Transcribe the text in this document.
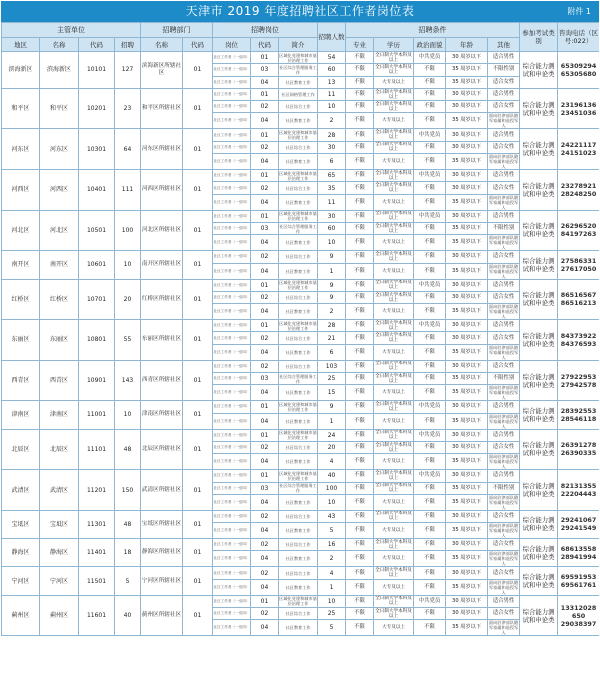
天津市 2019 年度招聘社区工作者岗位表	附件 1
主管单位				招聘部门		招聘岗位			招聘人数	招聘条件					参加考试类别	咨询电话（区号:022）
地区	名称	代码	招聘	名称	代码	岗位	代码	简介		专业	学历	政治面貌	年龄	其他		
滨海新区	滨海新区	10101	127	滨海新区所辖社区	01	社区工作者（一至四）	01	区域化党建和城市基层治理工作	54	不限	全日制大学本科及以上	中共党员	30 周岁以下	适合男性	综合能力测试和申论类	65309294 65305680
						社区工作者（一至四）	03	社区综合管理服务工作	60	不限	全日制大学本科及以上	不限	35 周岁以下	不限性别		
						社区工作者（一至四）	04	社区教育工作	13	不限	大专及以上	不限	35 周岁以下	适合女性		
和平区	和平区	10201	23	和平区所辖社区	01	社区工作者（一至四）	01	社区网格管理工作	11	不限	全日制大学本科及以上	不限	30 周岁以下	适合男性	综合能力测试和申论类	23196136 23451036
						社区工作者（一至四）	02	社区综合工作	10	不限	全日制大学本科及以上	不限	30 周岁以下	适合女性		
						社区工作者（一至四）	04	社区教育工作	2	不限	大专及以上	不限	35 周岁以下	面向驻津部队随军家属和退役军人		
河东区	河东区	10301	64	河东区所辖社区	01	社区工作者（一至四）	01	区域化党建和城市基层治理工作	28	不限	全日制大学本科及以上	中共党员	30 周岁以下	适合男性	综合能力测试和申论类	24221117 24151023
						社区工作者（一至四）	02	社区综合工作	30	不限	全日制大学本科及以上	不限	30 周岁以下	适合女性		
						社区工作者（一至四）	04	社区教育工作	6	不限	大专及以上	不限	35 周岁以下	面向驻津部队随军家属和退役军人		
河西区	河西区	10401	111	河西区所辖社区	01	社区工作者（一至四）	01	区域化党建和城市基层治理工作	65	不限	全日制大学本科及以上	中共党员	30 周岁以下	适合男性	综合能力测试和申论类	23278921 28248250
						社区工作者（一至四）	02	社区综合工作	35	不限	全日制大学本科及以上	不限	30 周岁以下	适合女性		
						社区工作者（一至四）	04	社区教育工作	11	不限	大专及以上	不限	35 周岁以下	面向驻津部队随军家属和退役军人		
河北区	河北区	10501	100	河北区所辖社区	01	社区工作者（一至四）	01	区域化党建和城市基层治理工作	30	不限	全日制大学本科及以上	中共党员	30 周岁以下	适合男性	综合能力测试和申论类	26296520 84197263
						社区工作者（一至四）	03	社区综合管理服务工作	60	不限	全日制大学本科及以上	不限	35 周岁以下	不限性别		
						社区工作者（一至四）	04	社区教育工作	10	不限	大专及以上	不限	35 周岁以下	面向驻津部队随军家属和退役军人		
南开区	南开区	10601	10	南开区所辖社区	01	社区工作者（一至四）	02	社区综合工作	9	不限	全日制大学本科及以上	不限	30 周岁以下	适合女性	综合能力测试和申论类	27586331 27617050
						社区工作者（一至四）	04	社区教育工作	1	不限	大专及以上	不限	35 周岁以下	面向驻津部队随军家属和退役军人		
红桥区	红桥区	10701	20	红桥区所辖社区	01	社区工作者（一至四）	01	区域化党建和城市基层治理工作	9	不限	全日制大学本科及以上	中共党员	30 周岁以下	适合男性	综合能力测试和申论类	86516567 86516213
						社区工作者（一至四）	02	社区综合工作	9	不限	全日制大学本科及以上	不限	30 周岁以下	适合女性		
						社区工作者（一至四）	04	社区教育工作	2	不限	大专及以上	不限	35 周岁以下	面向驻津部队随军家属和退役军人		
东丽区	东丽区	10801	55	东丽区所辖社区	01	社区工作者（一至四）	01	区域化党建和城市基层治理工作	28	不限	全日制大学本科及以上	中共党员	30 周岁以下	适合男性	综合能力测试和申论类	84373922 84376593
						社区工作者（一至四）	02	社区综合工作	21	不限	全日制大学本科及以上	不限	30 周岁以下	适合女性		
						社区工作者（一至四）	04	社区教育工作	6	不限	大专及以上	不限	35 周岁以下	面向驻津部队随军家属和退役军人		
西青区	西青区	10901	143	西青区所辖社区	01	社区工作者（一至四）	02	社区综合工作	103	不限	全日制大学本科及以上	不限	30 周岁以下	适合女性	综合能力测试和申论类	27922953 27942578
						社区工作者（一至四）	03	社区综合管理服务工作	25	不限	全日制大学本科及以上	不限	35 周岁以下	不限性别		
						社区工作者（一至四）	04	社区教育工作	15	不限	大专及以上	不限	35 周岁以下	面向驻津部队随军家属和退役军人		
津南区	津南区	11001	10	津南区所辖社区	01	社区工作者（一至四）	01	区域化党建和城市基层治理工作	9	不限	全日制大学本科及以上	中共党员	30 周岁以下	适合男性	综合能力测试和申论类	28392553 28546118
						社区工作者（一至四）	04	社区教育工作	1	不限	大专及以上	不限	35 周岁以下	面向驻津部队随军家属和退役军人		
北辰区	北辰区	11101	48	北辰区所辖社区	01	社区工作者（一至四）	01	区域化党建和城市基层治理工作	24	不限	全日制大学本科及以上	中共党员	30 周岁以下	适合男性	综合能力测试和申论类	26391278 26390335
						社区工作者（一至四）	02	社区综合工作	20	不限	全日制大学本科及以上	不限	30 周岁以下	适合女性		
						社区工作者（一至四）	04	社区教育工作	4	不限	大专及以上	不限	35 周岁以下	面向驻津部队随军家属和退役军人		
武清区	武清区	11201	150	武清区所辖社区	01	社区工作者（一至四）	01	区域化党建和城市基层治理工作	40	不限	全日制大学本科及以上	中共党员	30 周岁以下	适合男性	综合能力测试和申论类	82131355 22204443
						社区工作者（一至四）	03	社区综合管理服务工作	100	不限	全日制大学本科及以上	不限	35 周岁以下	不限性别		
						社区工作者（一至四）	04	社区教育工作	10	不限	大专及以上	不限	35 周岁以下	面向驻津部队随军家属和退役军人		
宝坻区	宝坻区	11301	48	宝坻区所辖社区	01	社区工作者（一至四）	02	社区综合工作	43	不限	全日制大学本科及以上	不限	30 周岁以下	适合女性	综合能力测试和申论类	29241067 29241549
						社区工作者（一至四）	04	社区教育工作	5	不限	大专及以上	不限	35 周岁以下	面向驻津部队随军家属和退役军人		
静海区	静海区	11401	18	静海区所辖社区	01	社区工作者（一至四）	02	社区综合工作	16	不限	全日制大学本科及以上	不限	30 周岁以下	适合女性	综合能力测试和申论类	68613558 28941994
						社区工作者（一至四）	04	社区教育工作	2	不限	大专及以上	不限	35 周岁以下	面向驻津部队随军家属和退役军人		
宁河区	宁河区	11501	5	宁河区所辖社区	01	社区工作者（一至四）	02	社区综合工作	4	不限	全日制大学本科及以上	不限	30 周岁以下	适合女性	综合能力测试和申论类	69591953 69561761
						社区工作者（一至四）	04	社区教育工作	1	不限	大专及以上	不限	35 周岁以下	面向驻津部队随军家属和退役军人		
蓟州区	蓟州区	11601	40	蓟州区所辖社区	01	社区工作者（一至四）	01	区域化党建和城市基层治理工作	10	不限	全日制大学本科及以上	中共党员	30 周岁以下	适合男性	综合能力测试和申论类	13312028 650 29038397
						社区工作者（一至四）	02	社区综合工作	25	不限	全日制大学本科及以上	不限	30 周岁以下	适合女性		
						社区工作者（一至四）	04	社区教育工作	5	不限	大专及以上	不限	35 周岁以下	面向驻津部队随军家属和退役军人		
